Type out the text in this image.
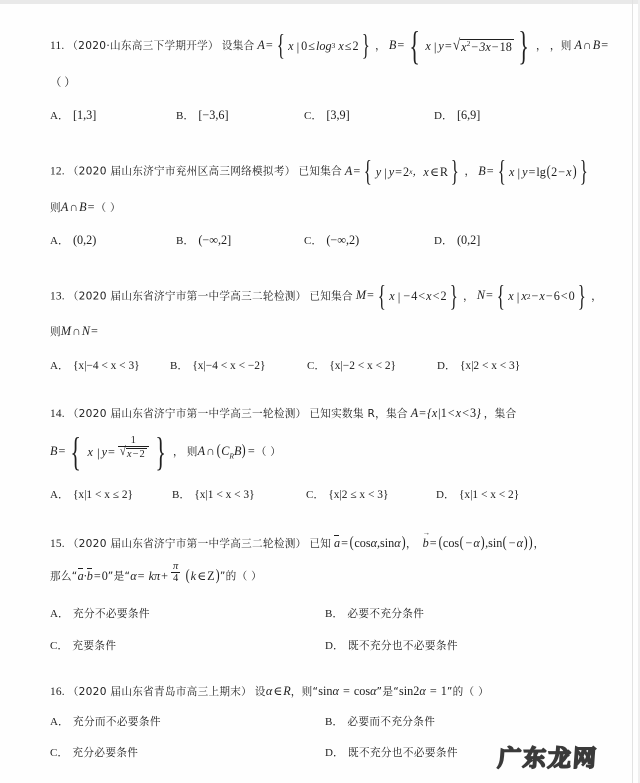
11. （2020·山东高三下学期开学） 设集合 A= { x | 0 ≤ log 3 x ≤ 2 } ， B= { x | y = √ $x^2-3x-18$ } ， ，则 A∩B=
（ ）
A． [1,3]	B． [−3,6]	C． [3,9]	D． [6,9]
12. （2020 届山东济宁市兖州区高三网络模拟考） 已知集合 A= { y | y = 2 x ， x ∈ R } ， B= { x | y = lg ( 2 − x ) }
则A∩B=（ ）
A． (0,2)	B． (−∞,2]	C． (−∞,2)	D． (0,2]
13. （2020 届山东省济宁市第一中学高三二轮检测） 已知集合 M= { x | − 4 < x < 2 } ， N= { x | x 2 − x − 6 < 0 } ，
则M∩N=
A． {x|−4 < x < 3}	B． {x|−4 < x < −2}	C． {x|−2 < x < 2}	D． {x|2 < x < 3}
14. （2020 届山东省济宁市第一中学高三一轮检测） 已知实数集 R，集合 A={x|1<x<3} ，集合
B= { x | $y = \frac{1}{√ x-2}$ } ， 则A∩ $(C_RB)$ =（ ）
A． {x|1 < x ≤ 2}	B． {x|1 < x < 3}	C． {x|2 ≤ x < 3}	D． {x|1 < x < 2}
15. （2020 届山东省济宁市第一中学高三二轮检测） 已知 a= (cosα,sinα)， → b= (cos( −α),sin( −α))，
那么“a·b=0”是“$\alpha= k\pi+ \frac{\pi}{4}$ (k∈Z)”的（ ）
A． 充分不必要条件	B． 必要不充分条件
C． 充要条件	D． 既不充分也不必要条件
16. （2020 届山东省青岛市高三上期末） 设α∈R，则“sinα = cosα”是“sin2α = 1”的（ ）
A． 充分而不必要条件	B． 必要而不充分条件
C． 充分必要条件	D． 既不充分也不必要条件 广东龙网
